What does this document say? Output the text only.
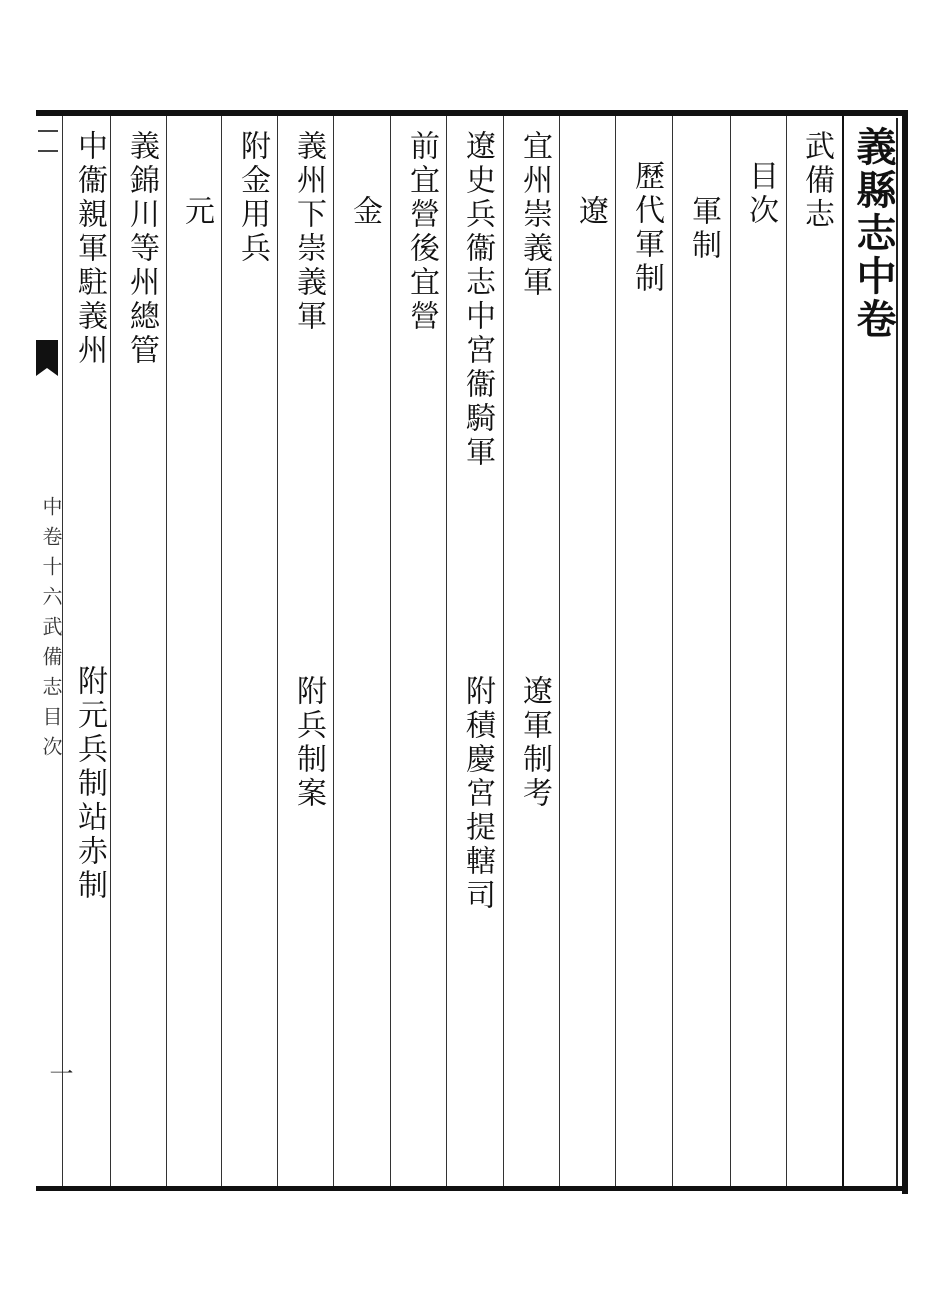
義縣志中卷
武備志
目次
軍制
歷代軍制
遼
宜州崇義軍
遼軍制考
遼史兵衞志中宮衞騎軍
附積慶宮提轄司
前宜營後宜營
金
義州下崇義軍
附兵制案
附金用兵
元
義錦川等州總管
中衞親軍駐義州
附元兵制站赤制
中卷十六武備志目次
一
